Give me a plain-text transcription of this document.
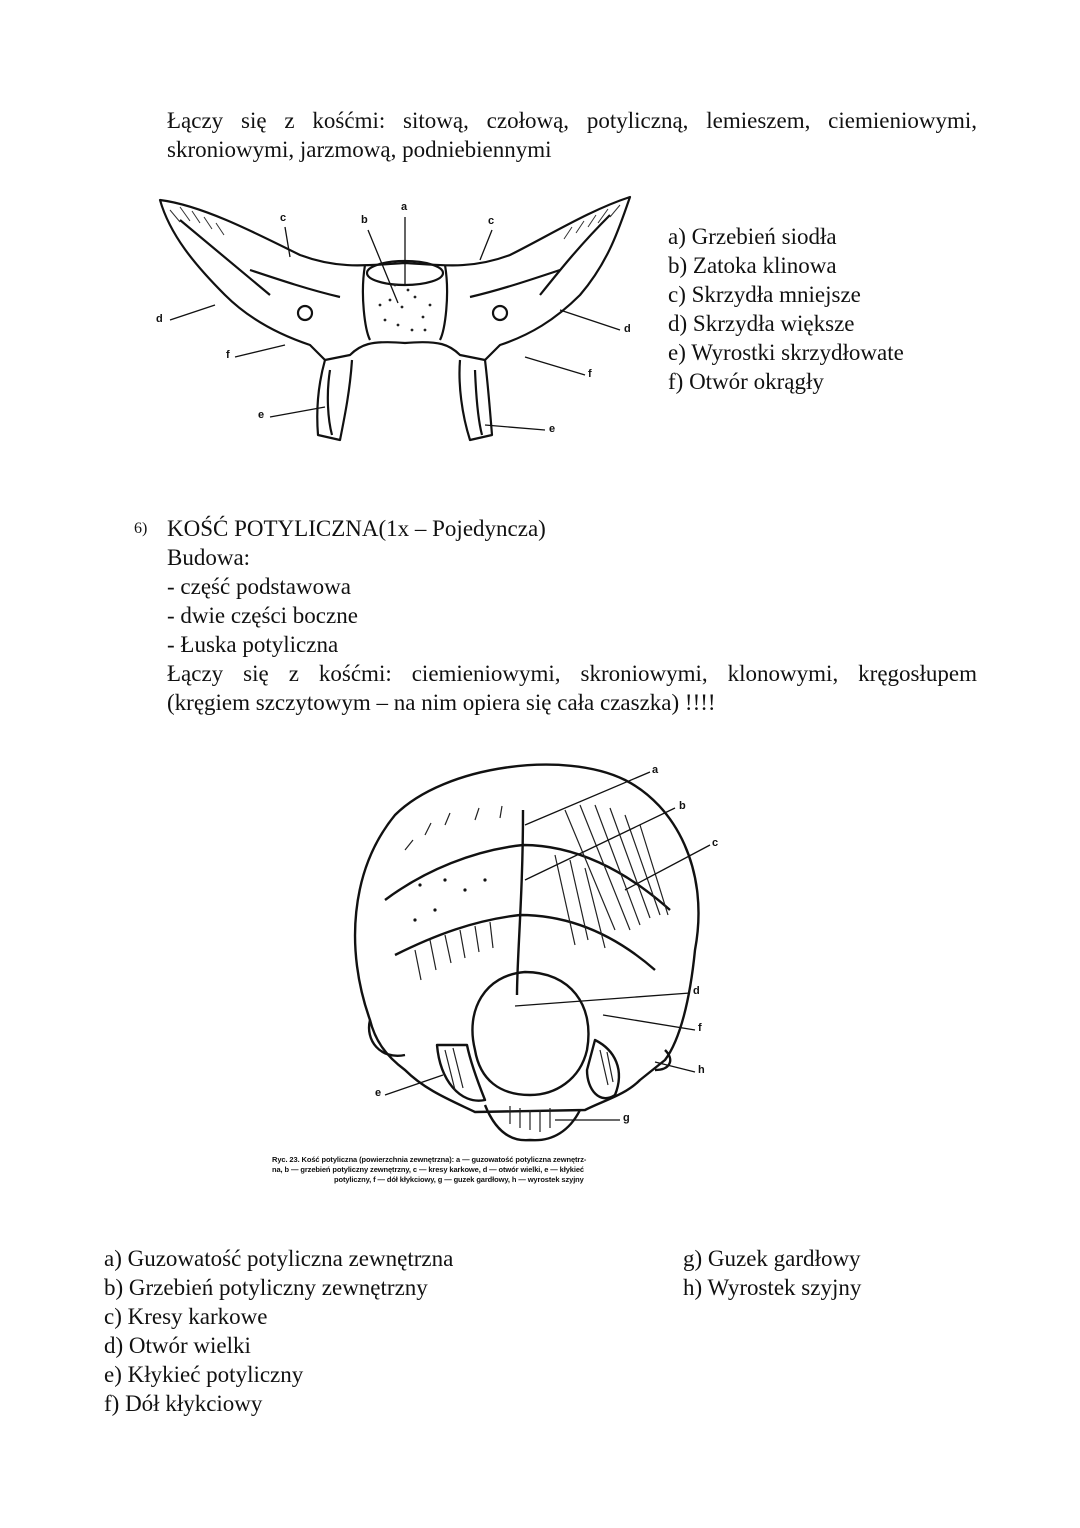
Łączy się z kośćmi: sitową, czołową, potyliczną, lemieszem, ciemieniowymi,
skroniowymi, jarzmową, podniebiennymi
a
b
c	c
d
d
e
e
f
f
a) Grzebień siodła
b) Zatoka klinowa
c) Skrzydła mniejsze
d) Skrzydła większe
e) Wyrostki skrzydłowate
f) Otwór okrągły
6) KOŚĆ POTYLICZNA(1x – Pojedyncza)
Budowa:
- część podstawowa
- dwie części boczne
- Łuska potyliczna
Łączy się z kośćmi: ciemieniowymi, skroniowymi, klonowymi, kręgosłupem
(kręgiem szczytowym – na nim opiera się cała czaszka) !!!!
a
b
c
d
e
f
g
h
Ryc. 23. Kość potyliczna (powierzchnia zewnętrzna): a — guzowatość potyliczna zewnętrz-
na, b — grzebień potyliczny zewnętrzny, c — kresy karkowe, d — otwór wielki, e — kłykieć
potyliczny, f — dół kłykciowy, g — guzek gardłowy, h — wyrostek szyjny
a) Guzowatość potyliczna zewnętrzna
b) Grzebień potyliczny zewnętrzny
c) Kresy karkowe
d) Otwór wielki
e) Kłykieć potyliczny
f) Dół kłykciowy
g) Guzek gardłowy
h) Wyrostek szyjny
